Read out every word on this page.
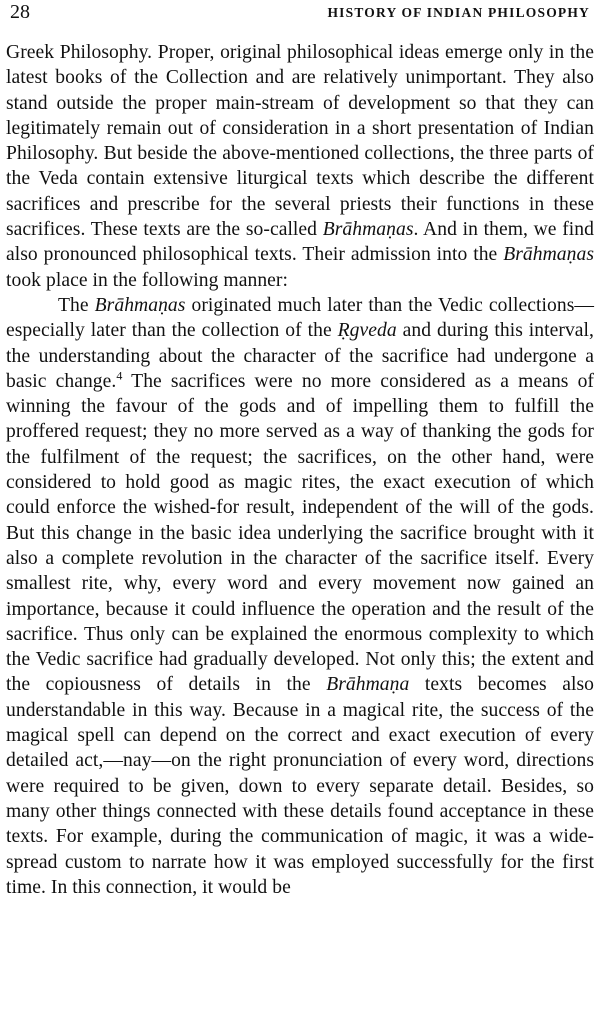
28	HISTORY OF INDIAN PHILOSOPHY

Greek Philosophy. Proper, original philosophical ideas emerge only in the latest books of the Collection and are relatively unimportant. They also stand outside the proper main-stream of development so that they can legitimately remain out of consideration in a short presentation of Indian Philosophy. But beside the above-mentioned collections, the three parts of the Veda contain extensive liturgical texts which describe the different sacrifices and prescribe for the several priests their functions in these sacrifices. These texts are the so-called Brāhmaṇas. And in them, we find also pronounced philosophical texts. Their admission into the Brāhmaṇas took place in the following manner:

The Brāhmaṇas originated much later than the Vedic collections—especially later than the collection of the Ṛgveda and during this interval, the understanding about the character of the sacrifice had undergone a basic change.$^4$ The sacrifices were no more considered as a means of winning the favour of the gods and of impelling them to fulfill the proffered request; they no more served as a way of thanking the gods for the fulfilment of the request; the sacrifices, on the other hand, were considered to hold good as magic rites, the exact execution of which could enforce the wished-for result, independent of the will of the gods. But this change in the basic idea underlying the sacrifice brought with it also a complete revolution in the character of the sacrifice itself. Every smallest rite, why, every word and every movement now gained an importance, because it could influence the operation and the result of the sacrifice. Thus only can be explained the enormous complexity to which the Vedic sacrifice had gradually developed. Not only this; the extent and the copiousness of details in the Brāhmaṇa texts becomes also understandable in this way. Because in a magical rite, the success of the magical spell can depend on the correct and exact execution of every detailed act,—nay—on the right pronunciation of every word, directions were required to be given, down to every separate detail. Besides, so many other things connected with these details found acceptance in these texts. For example, during the communication of magic, it was a wide-spread custom to narrate how it was employed successfully for the first time. In this connection, it would be
